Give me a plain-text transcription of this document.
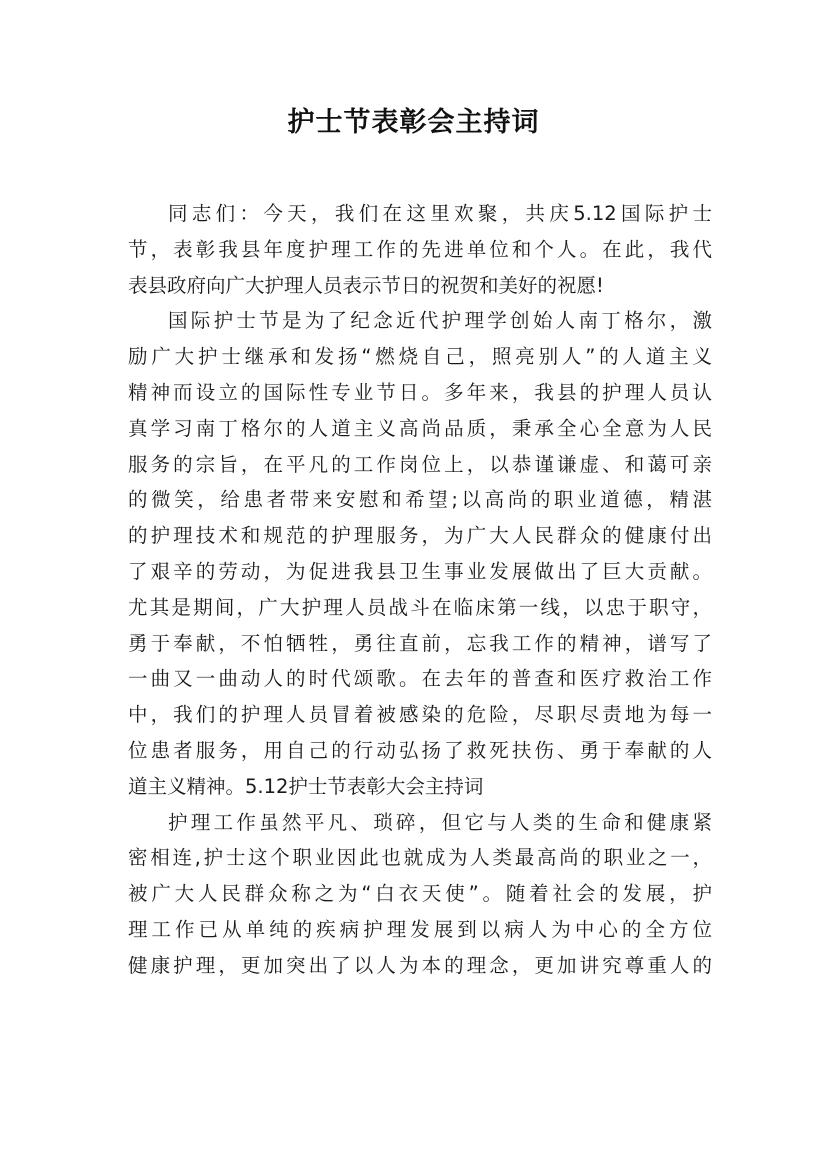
护士节表彰会主持词
同志们：今天，我们在这里欢聚，共庆5.12国际护士
节，表彰我县年度护理工作的先进单位和个人。在此，我代
表县政府向广大护理人员表示节日的祝贺和美好的祝愿!
国际护士节是为了纪念近代护理学创始人南丁格尔，激
励广大护士继承和发扬“燃烧自己，照亮别人”的人道主义
精神而设立的国际性专业节日。多年来，我县的护理人员认
真学习南丁格尔的人道主义高尚品质，秉承全心全意为人民
服务的宗旨，在平凡的工作岗位上，以恭谨谦虚、和蔼可亲
的微笑，给患者带来安慰和希望;以高尚的职业道德，精湛
的护理技术和规范的护理服务，为广大人民群众的健康付出
了艰辛的劳动，为促进我县卫生事业发展做出了巨大贡献。
尤其是期间，广大护理人员战斗在临床第一线，以忠于职守，
勇于奉献，不怕牺牲，勇往直前，忘我工作的精神，谱写了
一曲又一曲动人的时代颂歌。在去年的普查和医疗救治工作
中，我们的护理人员冒着被感染的危险，尽职尽责地为每一
位患者服务，用自己的行动弘扬了救死扶伤、勇于奉献的人
道主义精神。5.12护士节表彰大会主持词
护理工作虽然平凡、琐碎，但它与人类的生命和健康紧
密相连,护士这个职业因此也就成为人类最高尚的职业之一，
被广大人民群众称之为“白衣天使”。随着社会的发展，护
理工作已从单纯的疾病护理发展到以病人为中心的全方位
健康护理，更加突出了以人为本的理念，更加讲究尊重人的
